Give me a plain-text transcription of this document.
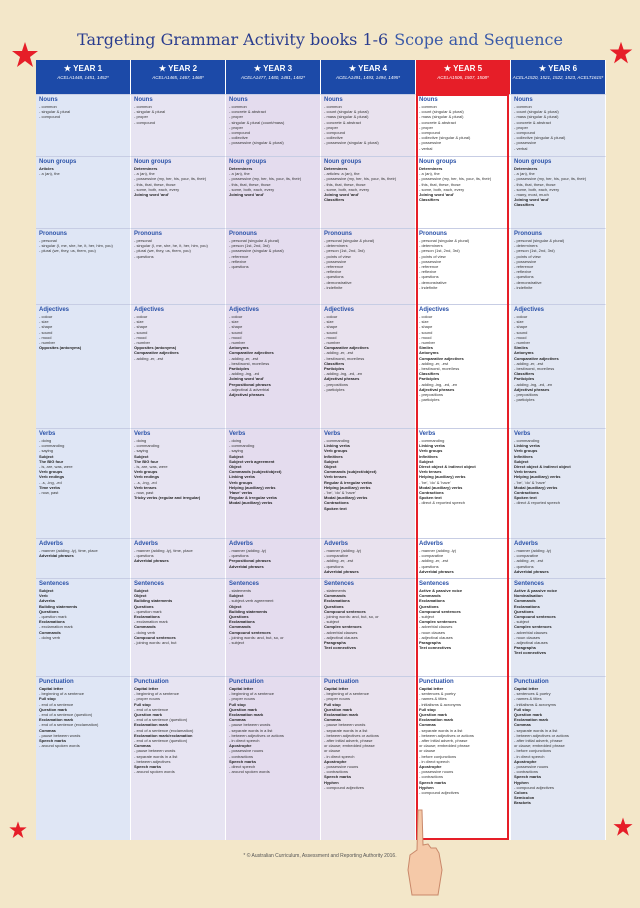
Targeting Grammar Activity books 1-6 Scope and Sequence
★ YEAR 1
ACELA1448, 1451, 1452*
★ YEAR 2
ACELA1465, 1467, 1468*
★ YEAR 3
ACELA1477, 1480, 1481, 1482*
★ YEAR 4
ACELA1491, 1493, 1494, 1495*
★ YEAR 5
ACELA1506, 1507, 1508*
★ YEAR 6
ACELA1520, 1521, 1522, 1523, ACELT1615*
Nouns
- common
- singular & plural
- compound
Nouns
- common
- singular & plural
- proper
- compound
Nouns
- common
- concrete & abstract
- proper
- singular & plural (count/mass)
- proper
- compound
- collective
- possessive (singular & plural)
Nouns
- common
- count (singular & plural)
- mass (singular & plural)
- concrete & abstract
- proper
- compound
- collective
- possessive (singular & plural)
Nouns
- common
- count (singular & plural)
- mass (singular & plural)
- concrete & abstract
- proper
- compound
- collective (singular & plural)
- possessive
- verbal
Nouns
- common
- count (singular & plural)
- mass (singular & plural)
- concrete & abstract
- proper
- compound
- collective (singular & plural)
- possessive
- verbal
Noun groups
Articles
- a (an), the
Noun groups
Determiners
- a (an), the
- possessive (my, her, his, your, its, their)
- this, that, these, those
- some, both, each, every
Joining word 'and'
Noun groups
Determiners
- a (an), the
- possessive (my, her, his, your, its, their)
- this, that, these, those
- some, both, each, every
Joining word 'and'
Noun groups
Determiners
- articles: a (an), the
- possessive (my, her, his, your, its, their)
- this, that, these, those
- some, both, each, every
Joining word 'and'
Classifiers
Noun groups
Determiners
- a (an), the
- possessive (my, her, his, your, its, their)
- this, that, these, those
- some, both, each, every
Joining word 'and'
Classifiers
Noun groups
Determiners
- a (an), the
- possessive (my, her, his, your, its, their)
- this, that, these, those
- some, both, each, every
- many, most, much
Joining word 'and'
Classifiers
Pronouns
- personal
- singular (I, me, she, he, it, her, him, you)
- plural (we, they, us, them, you)
Pronouns
- personal
- singular (I, me, she, he, it, her, him, you)
- plural (we, they, us, them, you)
- questions
Pronouns
- personal (singular & plural)
- person (1st, 2nd, 3rd)
- possessive (singular & plural)
- reference
- reflexive
- questions
Pronouns
- personal (singular & plural)
- determiners
- person (1st, 2nd, 3rd)
- points of view
- possessive
- reference
- reflexive
- questions
- demonstrative
- indefinite
Pronouns
- personal (singular & plural)
- determiners
- person (1st, 2nd, 3rd)
- points of view
- possessive
- reference
- reflexive
- questions
- demonstrative
- indefinite
Pronouns
- personal (singular & plural)
- determiners
- person (1st, 2nd, 3rd)
- points of view
- possessive
- reference
- reflexive
- questions
- demonstrative
- indefinite
Adjectives
- colour
- size
- shape
- sound
- mood
- number
Opposites (antonyms)
Adjectives
- colour
- size
- shape
- sound
- mood
- number
Opposites (antonyms)
Comparative adjectives
- adding -er, -est
Adjectives
- colour
- size
- shape
- sound
- mood
- number
Antonyms
Comparative adjectives
- adding -er, -est
- best/worst, more/less
Participles
- adding -ing, -ed
Joining word 'and'
Prepositional phrases
- adjectival & adverbial
Adjectival phrases
Adjectives
- colour
- size
- shape
- sound
- mood
- number
Comparative adjectives
- adding -er, -est
- best/worst, more/less
Classifiers
Participles
- adding -ing, -ed, -en
Adjectival phrases
- prepositions
- participles
Adjectives
- colour
- size
- shape
- sound
- mood
- number
Similes
Antonyms
Comparative adjectives
- adding -er, -est
- best/worst, more/less
Classifiers
Participles
- adding -ing, -ed, -en
Adjectival phrases
- prepositions
- participles
Adjectives
- colour
- size
- shape
- sound
- mood
- number
Similes
Antonyms
Comparative adjectives
- adding -er, -est
- best/worst, more/less
Classifiers
Participles
- adding -ing, -ed, -en
Adjectival phrases
- prepositions
- participles
Verbs
- doing
- commanding
- saying
Subject
The BIG four
- is, are, was, were
Verb groups
Verb endings
- -s, -ing, -ed
Time verbs
- now, past
Verbs
- doing
- commanding
- saying
Subject
The BIG four
- is, are, was, were
Verb groups
Verb endings
- -s, -ing, -ed
Verb tenses
- now, past
Tricky verbs (regular and irregular)
Verbs
- doing
- commanding
- saying
Subject
Subject verb agreement
Object
Commands (subject/object)
Linking verbs
Verb groups
Helping (auxiliary) verbs
'Have' verbs
Regular & irregular verbs
Modal (auxiliary) verbs
Verbs
- commanding
Linking verbs
Verb groups
Infinitives
Subject
Object
Commands (subject/object)
Verb tenses
Regular & irregular verbs
Helping (auxiliary) verbs
- 'be', 'do' & 'have'
Modal (auxiliary) verbs
Contractions
Spoken text
Verbs
- commanding
Linking verbs
Verb groups
Infinitives
Subject
Direct object & indirect object
Verb tenses
Helping (auxiliary) verbs
- 'be', 'do' & 'have'
Modal (auxiliary) verbs
Contractions
Spoken text
- direct & reported speech
Verbs
- commanding
Linking verbs
Verb groups
Infinitives
Subject
Direct object & indirect object
Verb tenses
Helping (auxiliary) verbs
- 'be', 'do' & 'have'
Modal (auxiliary) verbs
Contractions
Spoken text
- direct & reported speech
Adverbs
- manner (adding -ly), time, place
Adverbial phrases
Adverbs
- manner (adding -ly), time, place
- questions
Adverbial phrases
Adverbs
- manner (adding -ly)
- questions
Prepositional phrases
Adverbial phrases
Adverbs
- manner (adding -ly)
- comparative
- adding -er, -est
- questions
Adverbial phrases
Adverbs
- manner (adding -ly)
- comparative
- adding -er, -est
- questions
Adverbial phrases
Adverbs
- manner (adding -ly)
- comparative
- adding -er, -est
- questions
Adverbial phrases
Sentences
Subject
Verb
Adverbs
Building statements
Questions
- question mark
Exclamations
- exclamation mark
Commands
- doing verb
Sentences
Subject
Object
Building statements
Questions
- question mark
Exclamations
- exclamation mark
Commands
- doing verb
Compound sentences
- joining words: and, but
Sentences
- statements
Subject
- subject-verb agreement
Object
Building statements
Questions
Exclamations
Commands
Compound sentences
- joining words: and, but, so, or
- subject
Sentences
- statements
Commands
Exclamations
Questions
Compound sentences
- joining words: and, but, so, or
- subject
Complex sentences
- adverbial clauses
- adjectival clauses
Paragraphs
Text connectives
Sentences
Active & passive voice
Commands
Exclamations
Questions
Compound sentences
- subject
Complex sentences
- adverbial clauses
- noun clauses
- adjectival clauses
Paragraphs
Text connectives
Sentences
Active & passive voice
Nominalisation
Commands
Exclamations
Questions
Compound sentences
- subject
Complex sentences
- adverbial clauses
- noun clauses
- adjectival clauses
Paragraphs
Text connectives
Punctuation
Capital letter
- beginning of a sentence
Full stop
- end of a sentence
Question mark
- end of a sentence (question)
Exclamation mark
- end of a sentence (exclamation)
Commas
- pause between words
Speech marks
- around spoken words
Punctuation
Capital letter
- beginning of a sentence
- proper nouns
Full stop
- end of a sentence
Question mark
- end of a sentence (question)
Exclamation mark
- end of a sentence (exclamation)
Exclamation mark/exclamation
- end of a sentence (question)
Commas
- pause between words
- separate words in a list
- between adjectives
Speech marks
- around spoken words
Punctuation
Capital letter
- beginning of a sentence
- proper nouns
Full stop
Question mark
Exclamation mark
Commas
- pause between words
- separate words in a list
- between adjectives or actions
- in direct speech
Apostrophe
- possessive nouns
- contractions
Speech marks
- direct speech
- around spoken words
Punctuation
Capital letter
- beginning of a sentence
- proper nouns
Full stop
Question mark
Exclamation mark
Commas
- pause between words
- separate words in a list
- between adjectives or actions
- after initial adverb, phrase
or clause; embedded phrase
or clause
- in direct speech
Apostrophe
- possessive nouns
- contractions
Speech marks
Hyphen
- compound adjectives
Punctuation
Capital letter
- sentences & poetry
- names & titles
- initialisms & acronyms
Full stop
Question mark
Exclamation mark
Commas
- separate words in a list
- between adjectives or actions
- after initial adverb, phrase
or clause; embedded phrase
or clause
- before conjunctions
- in direct speech
Apostrophe
- possessive nouns
- contractions
Speech marks
Hyphen
- compound adjectives
Punctuation
Capital letter
- sentences & poetry
- names & titles
- initialisms & acronyms
Full stop
Question mark
Exclamation mark
Commas
- separate words in a list
- between adjectives or actions
- after initial adverb, phrase
or clause; embedded phrase
- before conjunctions
- in direct speech
Apostrophe
- possessive nouns
- contractions
Speech marks
Hyphen
- compound adjectives
Colons
Semicolon
Brackets
* © Australian Curriculum, Assessment and Reporting Authority 2016.
